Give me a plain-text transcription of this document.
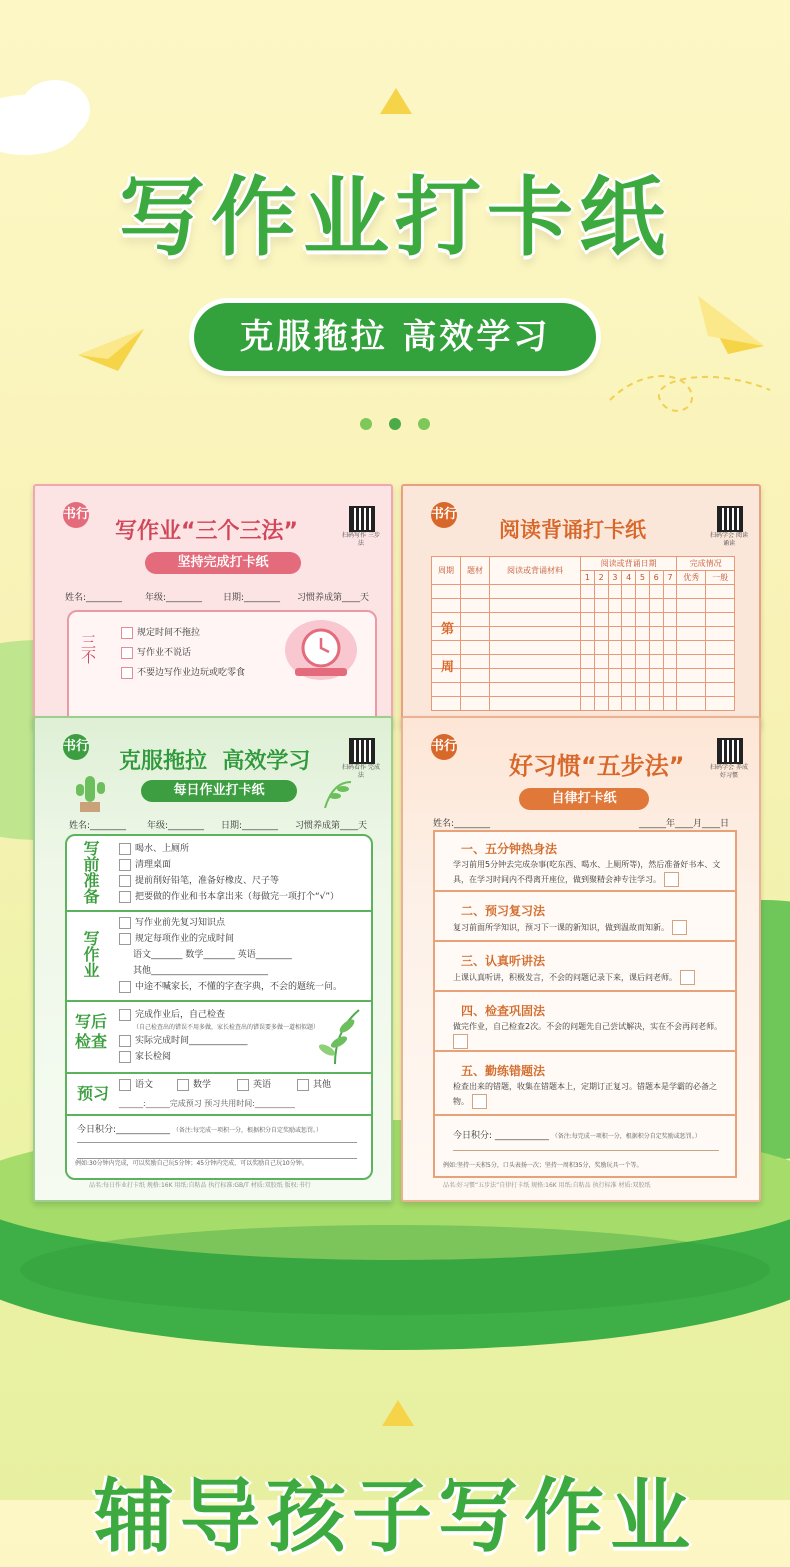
写作业打卡纸
克服拖拉 高效学习
书行
写作业“三个三法”	扫码写作 三步法
坚持完成打卡纸
姓名:________	年级:________ 日期:________ 习惯养成第____天
三不
规定时间不拖拉
写作业不说话
不要边写作业边玩或吃零食
书行
阅读背诵打卡纸	扫码学会 阅读诵读
周期	题材	阅读或背诵材料	阅读或背诵日期							完成情况	
			1	2	3	4	5	6	7	优秀	一般

第
周
书行
克服拖拉  高效学习	扫码看作 完成法
每日作业打卡纸
姓名:________ 年级:________ 日期:________ 习惯养成第____天
写前准备	喝水、上厕所
清理桌面
提前削好铅笔，准备好橡皮、尺子等
把要做的作业和书本拿出来（每做完一项打个“√”）
写作业
写作业前先复习知识点
规定每项作业的完成时间
语文_______ 数学_______ 英语________
其他__________________________
中途不喊家长，不懂的字查字典，不会的题统一问。
写后检查
完成作业后，自己检查
（自己检查出的错误不用多做，家长检查出的错误要多做一道相似题）
实际完成时间_____________
家长检阅
预习	语文	数学	英语	其他
______:______完成预习 预习共用时间:__________
今日积分:____________ （备注:每完成一项积一分，根据积分自定奖励或惩罚。）
例如:30分钟内完成，可以奖励自己玩5分钟；45分钟内完成，可以奖励自己玩10分钟。
品名:每日作业打卡纸 规格:16K 用纸:自粘品 执行标准:GB/T 材质:双胶纸 版权:书行
书行
好习惯“五步法”	扫码学会 养成好习惯
自律打卡纸
姓名:________	______年____月____日
一、五分钟热身法
学习前用5分钟去完成杂事(吃东西、喝水、上厕所等)，然后准备好书本、文具，在学习时间内不得离开座位，做到聚精会神专注学习。
二、预习复习法
复习前面所学知识，预习下一课的新知识，做到温故而知新。
三、认真听讲法
上课认真听讲，积极发言，不会的问题记录下来，课后问老师。
四、检查巩固法
做完作业，自己检查2次。不会的问题先自己尝试解决，实在不会再问老师。
五、勤练错题法
检查出来的错题，收集在错题本上，定期订正复习。错题本是学霸的必备之物。
今日积分: ____________ （备注:每完成一项积一分，根据积分自定奖励或惩罚。）
例如:坚持一天积5分，口头表扬一次；坚持一周积35分，奖励玩具一个等。
品名:好习惯“五步法”自律打卡纸 规格:16K 用纸:自粘品 执行标准 材质:双胶纸
辅导孩子写作业
